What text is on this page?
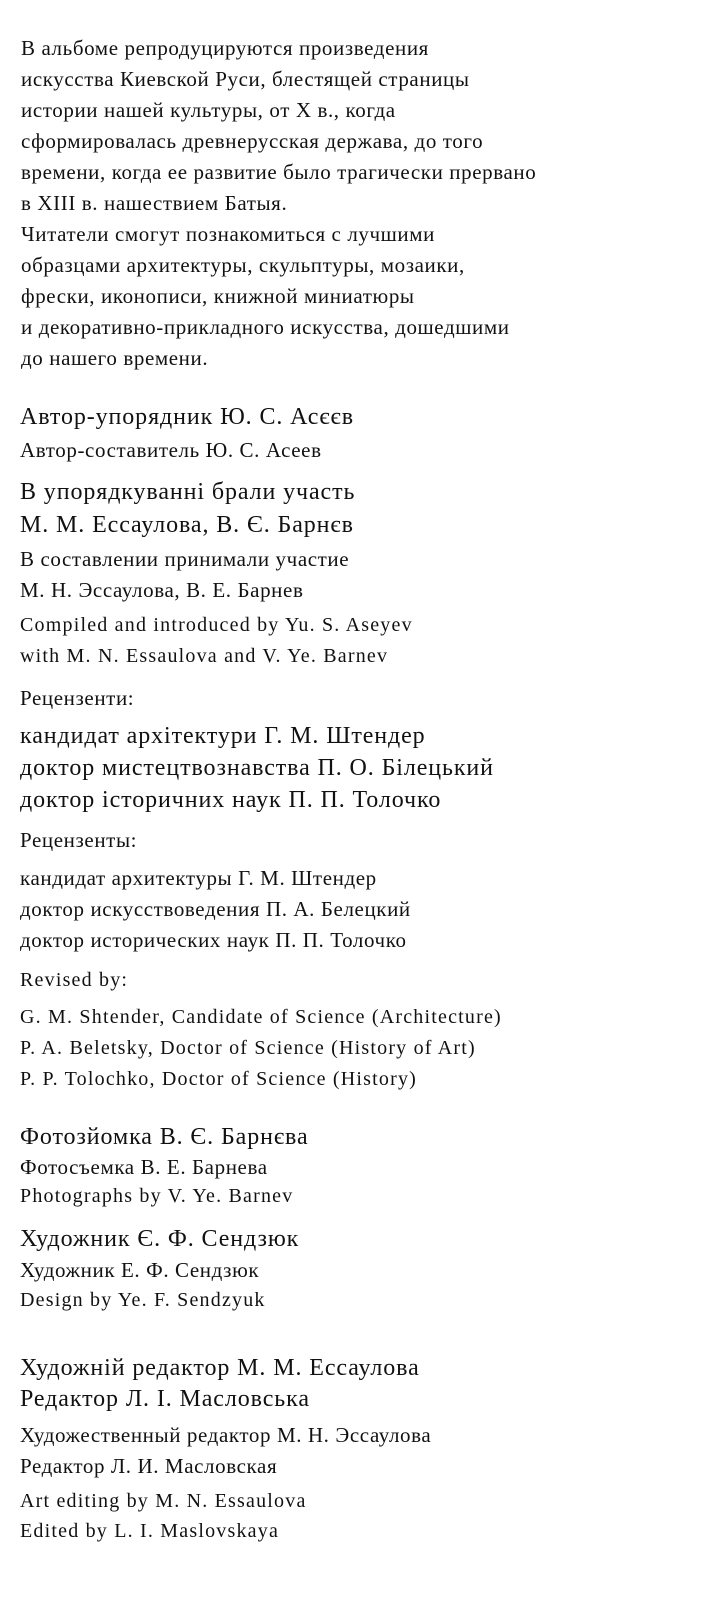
В альбоме репродуцируются произведения
искусства Киевской Руси, блестящей страницы
истории нашей культуры, от X в., когда
сформировалась древнерусская держава, до того
времени, когда ее развитие было трагически прервано
в XIII в. нашествием Батыя.
Читатели смогут познакомиться с лучшими
образцами архитектуры, скульптуры, мозаики,
фрески, иконописи, книжной миниатюры
и декоративно-прикладного искусства, дошедшими
до нашего времени.
Автор-упорядник Ю. С. Асєєв
Автор-составитель Ю. С. Асеев
В упорядкуванні брали участь
М. М. Ессаулова, В. Є. Барнєв
В составлении принимали участие
М. Н. Эссаулова, В. Е. Барнев
Compiled and introduced by Yu. S. Aseyev
with M. N. Essaulova and V. Ye. Barnev
Рецензенти:
кандидат архітектури Г. М. Штендер
доктор мистецтвознавства П. О. Білецький
доктор історичних наук П. П. Толочко
Рецензенты:
кандидат архитектуры Г. М. Штендер
доктор искусствоведения П. А. Белецкий
доктор исторических наук П. П. Толочко
Revised by:
G. M. Shtender, Candidate of Science (Architecture)
P. A. Beletsky, Doctor of Science (History of Art)
P. P. Tolochko, Doctor of Science (History)
Фотозйомка В. Є. Барнєва
Фотосъемка В. Е. Барнева
Photographs by V. Ye. Barnev
Художник Є. Ф. Сендзюк
Художник Е. Ф. Сендзюк
Design by Ye. F. Sendzyuk
Художній редактор М. М. Ессаулова
Редактор Л. І. Масловська
Художественный редактор М. Н. Эссаулова
Редактор Л. И. Масловская
Art editing by M. N. Essaulova
Edited by L. I. Maslovskaya
